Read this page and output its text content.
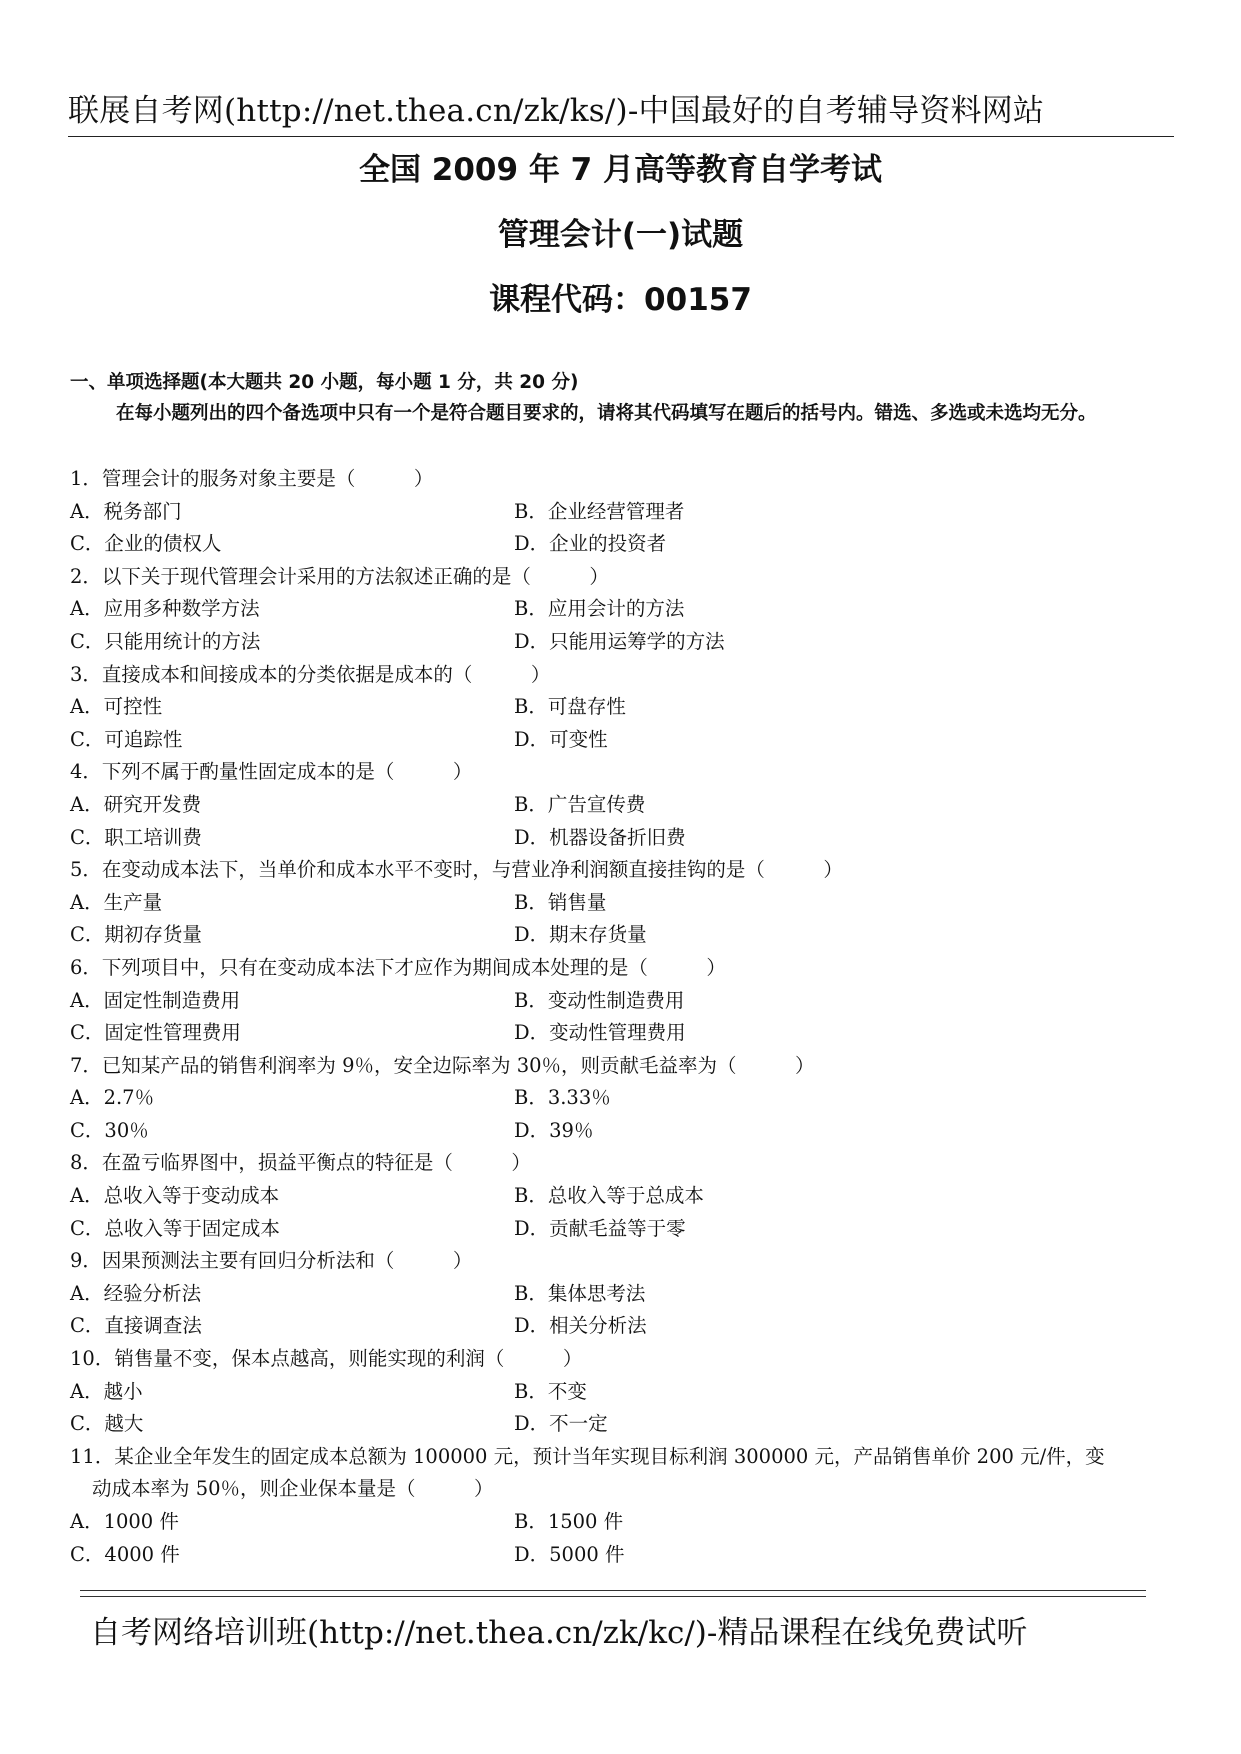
联展自考网(http://net.thea.cn/zk/ks/)-中国最好的自考辅导资料网站
全国 2009 年 7 月高等教育自学考试
管理会计(一)试题
课程代码：00157
一、单项选择题(本大题共 20 小题，每小题 1 分，共 20 分)
在每小题列出的四个备选项中只有一个是符合题目要求的，请将其代码填写在题后的括号内。错选、多选或未选均无分。
1．管理会计的服务对象主要是（　　　）
A．税务部门	B．企业经营管理者
C．企业的债权人	D．企业的投资者
2．以下关于现代管理会计采用的方法叙述正确的是（　　　）
A．应用多种数学方法	B．应用会计的方法
C．只能用统计的方法	D．只能用运筹学的方法
3．直接成本和间接成本的分类依据是成本的（　　　）
A．可控性	B．可盘存性
C．可追踪性	D．可变性
4．下列不属于酌量性固定成本的是（　　　）
A．研究开发费	B．广告宣传费
C．职工培训费	D．机器设备折旧费
5．在变动成本法下，当单价和成本水平不变时，与营业净利润额直接挂钩的是（　　　）
A．生产量	B．销售量
C．期初存货量	D．期末存货量
6．下列项目中，只有在变动成本法下才应作为期间成本处理的是（　　　）
A．固定性制造费用	B．变动性制造费用
C．固定性管理费用	D．变动性管理费用
7．已知某产品的销售利润率为 9％，安全边际率为 30％，则贡献毛益率为（　　　）
A．2.7％	B．3.33％
C．30％	D．39％
8．在盈亏临界图中，损益平衡点的特征是（　　　）
A．总收入等于变动成本	B．总收入等于总成本
C．总收入等于固定成本	D．贡献毛益等于零
9．因果预测法主要有回归分析法和（　　　）
A．经验分析法	B．集体思考法
C．直接调查法	D．相关分析法
10．销售量不变，保本点越高，则能实现的利润（　　　）
A．越小	B．不变
C．越大	D．不一定
11．某企业全年发生的固定成本总额为 100000 元，预计当年实现目标利润 300000 元，产品销售单价 200 元/件，变
动成本率为 50％，则企业保本量是（　　　）
A．1000 件	B．1500 件
C．4000 件	D．5000 件
自考网络培训班(http://net.thea.cn/zk/kc/)-精品课程在线免费试听
